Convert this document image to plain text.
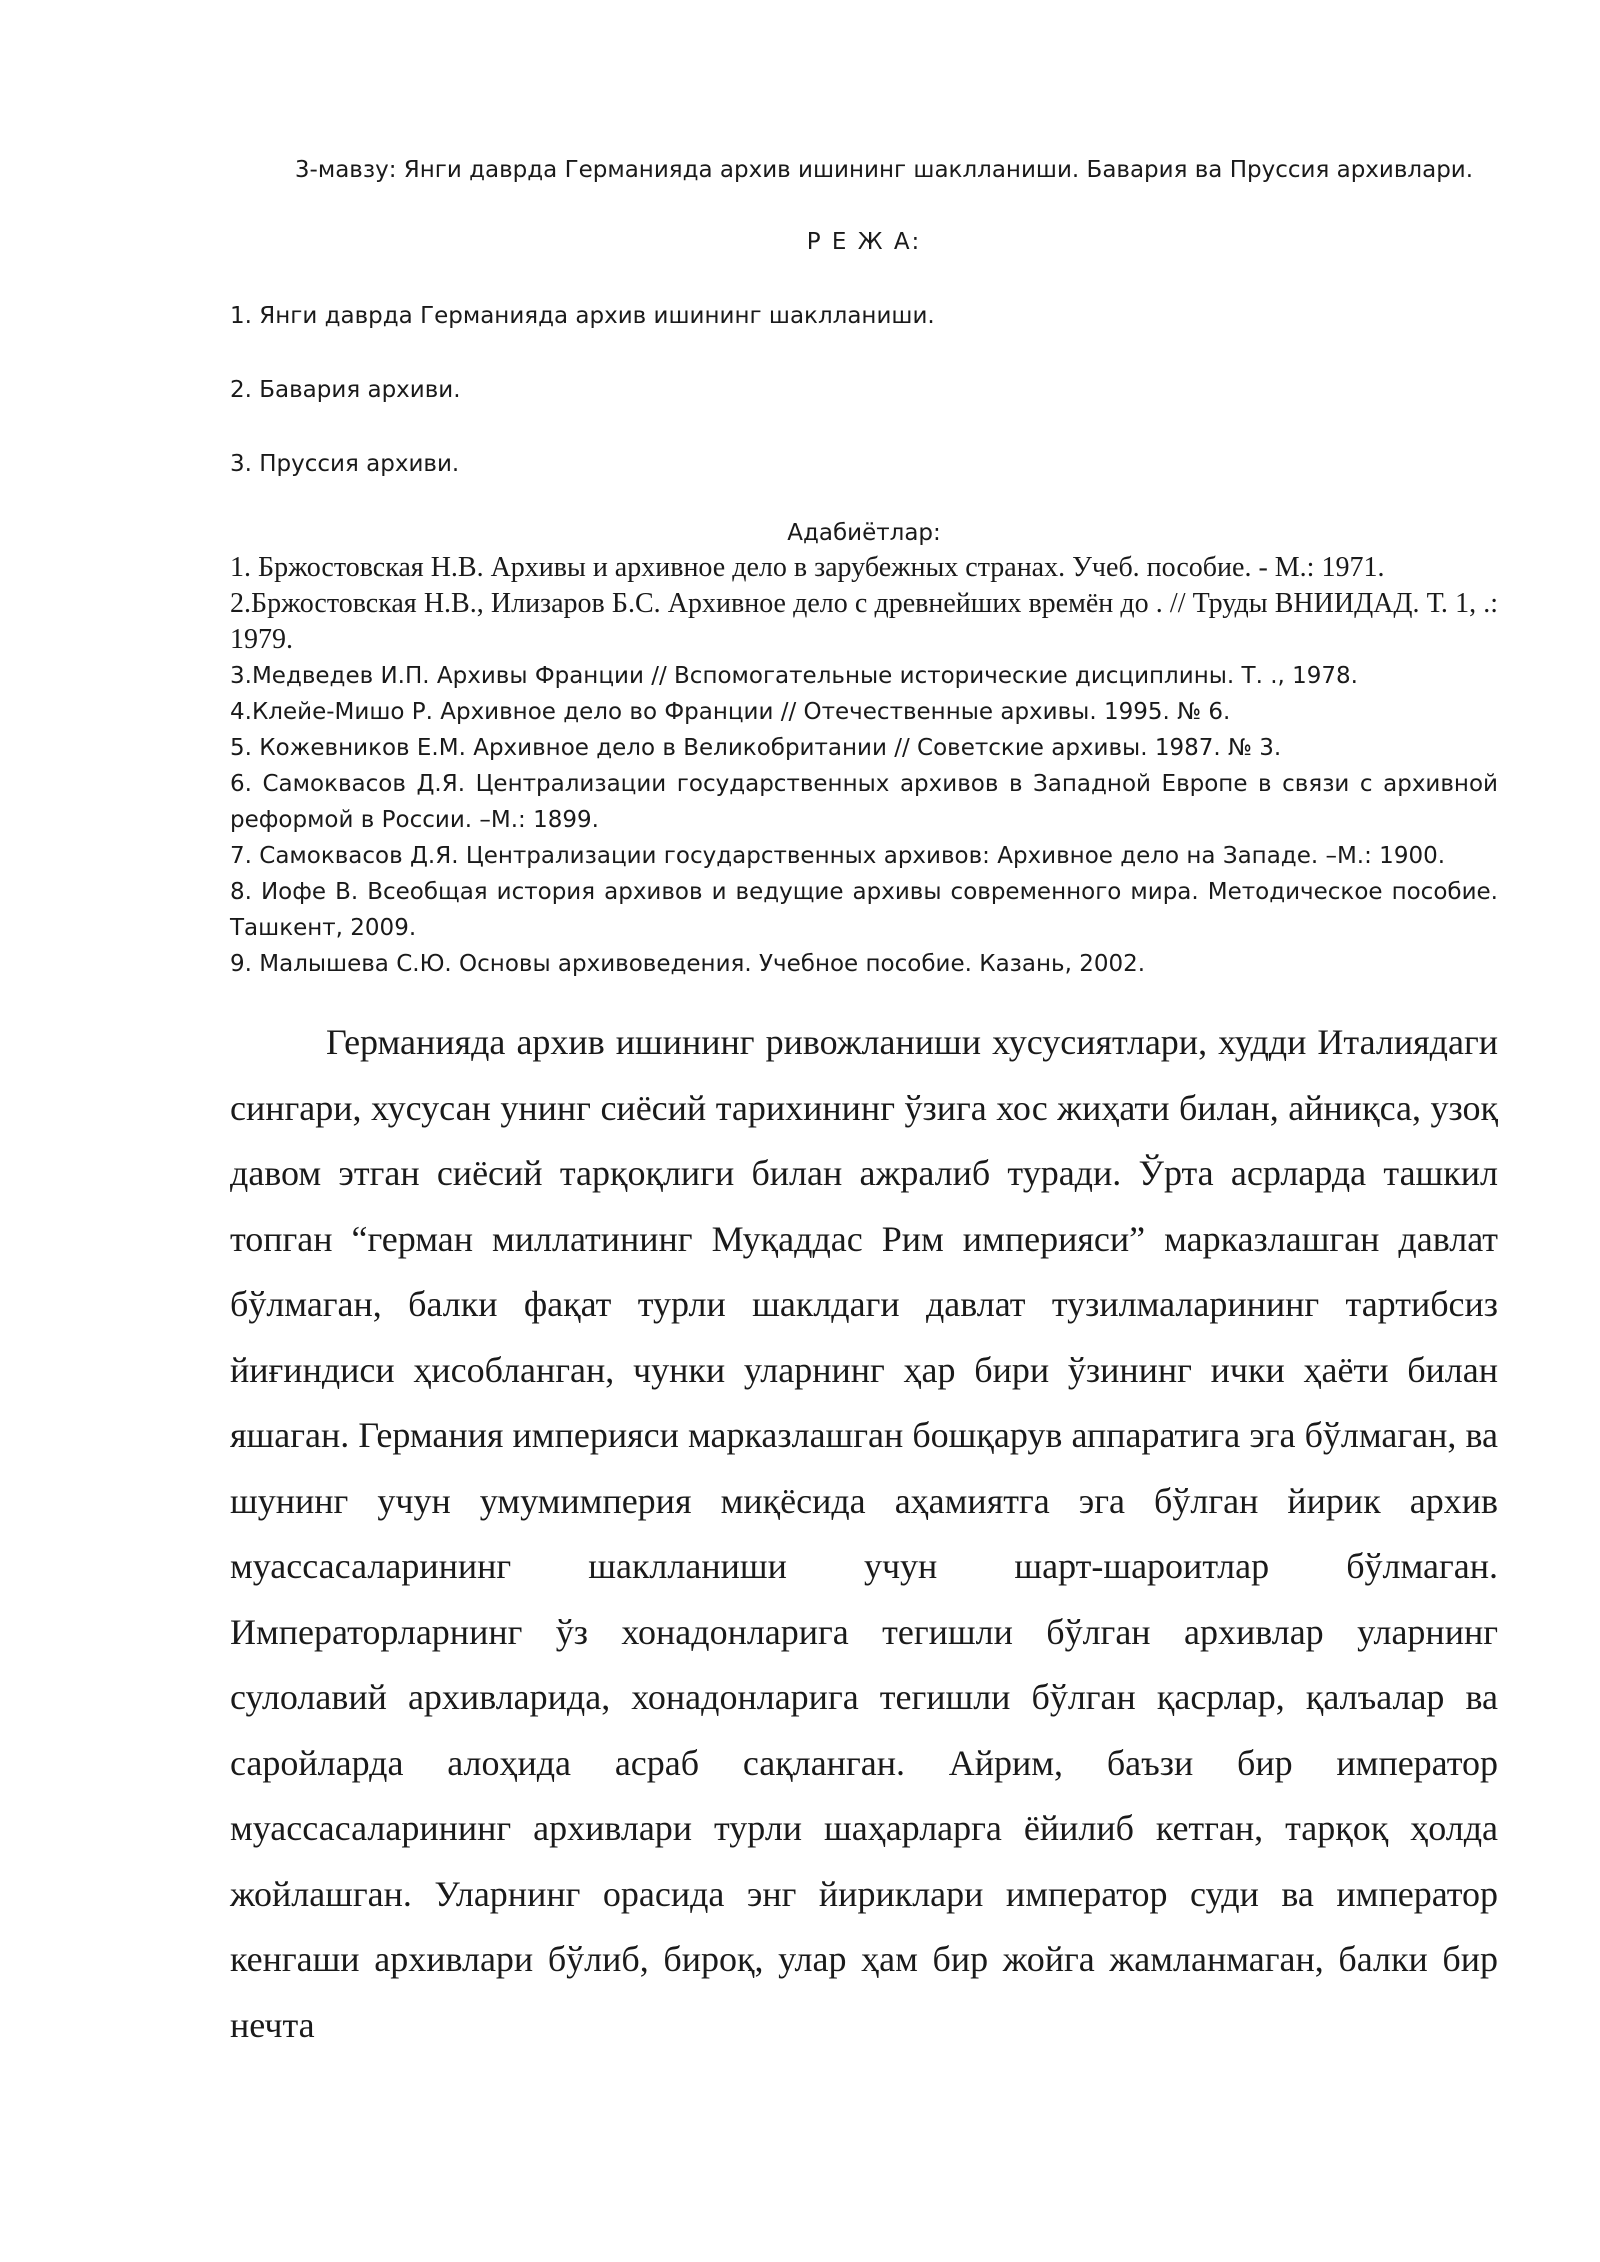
3-мавзу: Янги даврда Германияда архив ишининг шаклланиши. Бавария ва Пруссия архивлари.

Р Е Ж А:

1. Янги даврда Германияда архив ишининг шаклланиши.
2. Бавария архиви.
3. Пруссия архиви.

Адабиётлар:

1. Бржостовская Н.В. Архивы и архивное дело в зарубежных странах. Учеб. пособие. - М.: 1971.
2.Бржостовская Н.В., Илизаров Б.С. Архивное дело с древнейших времён до . // Труды ВНИИДАД. Т. 1, .: 1979.
3.Медведев И.П. Архивы Франции // Вспомогательные исторические дисциплины. Т. ., 1978.
4.Клейе-Мишо Р. Архивное дело во Франции // Отечественные архивы. 1995. № 6.
5. Кожевников Е.М. Архивное дело в Великобритании // Советские архивы. 1987. № 3.
6. Самоквасов Д.Я. Централизации государственных архивов в Западной Европе в связи с архивной реформой в России. –М.: 1899.
7. Самоквасов Д.Я. Централизации государственных архивов: Архивное дело на Западе. –М.: 1900.
8. Иофе В. Всеобщая история архивов и ведущие архивы современного мира. Методическое пособие. Ташкент, 2009.
9. Малышева С.Ю. Основы архивоведения. Учебное пособие. Казань, 2002.

Германияда архив ишининг ривожланиши хусусиятлари, худди Италиядаги сингари, хусусан унинг сиёсий тарихининг ўзига хос жиҳати билан, айниқса, узоқ давом этган сиёсий тарқоқлиги билан ажралиб туради. Ўрта асрларда ташкил топган “герман миллатининг Муқаддас Рим империяси” марказлашган давлат бўлмаган, балки фақат турли шаклдаги давлат тузилмаларининг тартибсиз йиғиндиси ҳисобланган, чунки уларнинг ҳар бири ўзининг ички ҳаёти билан яшаган. Германия империяси марказлашган бошқарув аппаратига эга бўлмаган, ва шунинг учун умумимперия миқёсида аҳамиятга эга бўлган йирик архив муассасаларининг шаклланиши учун шарт-шароитлар бўлмаган. Императорларнинг ўз хонадонларига тегишли бўлган архивлар уларнинг сулолавий архивларида, хонадонларига тегишли бўлган қасрлар, қалъалар ва саройларда алоҳида асраб сақланган. Айрим, баъзи бир император муассасаларининг архивлари турли шаҳарларга ёйилиб кетган, тарқоқ ҳолда жойлашган. Уларнинг орасида энг йириклари император суди ва император кенгаши архивлари бўлиб, бироқ, улар ҳам бир жойга жамланмаган, балки бир нечта
